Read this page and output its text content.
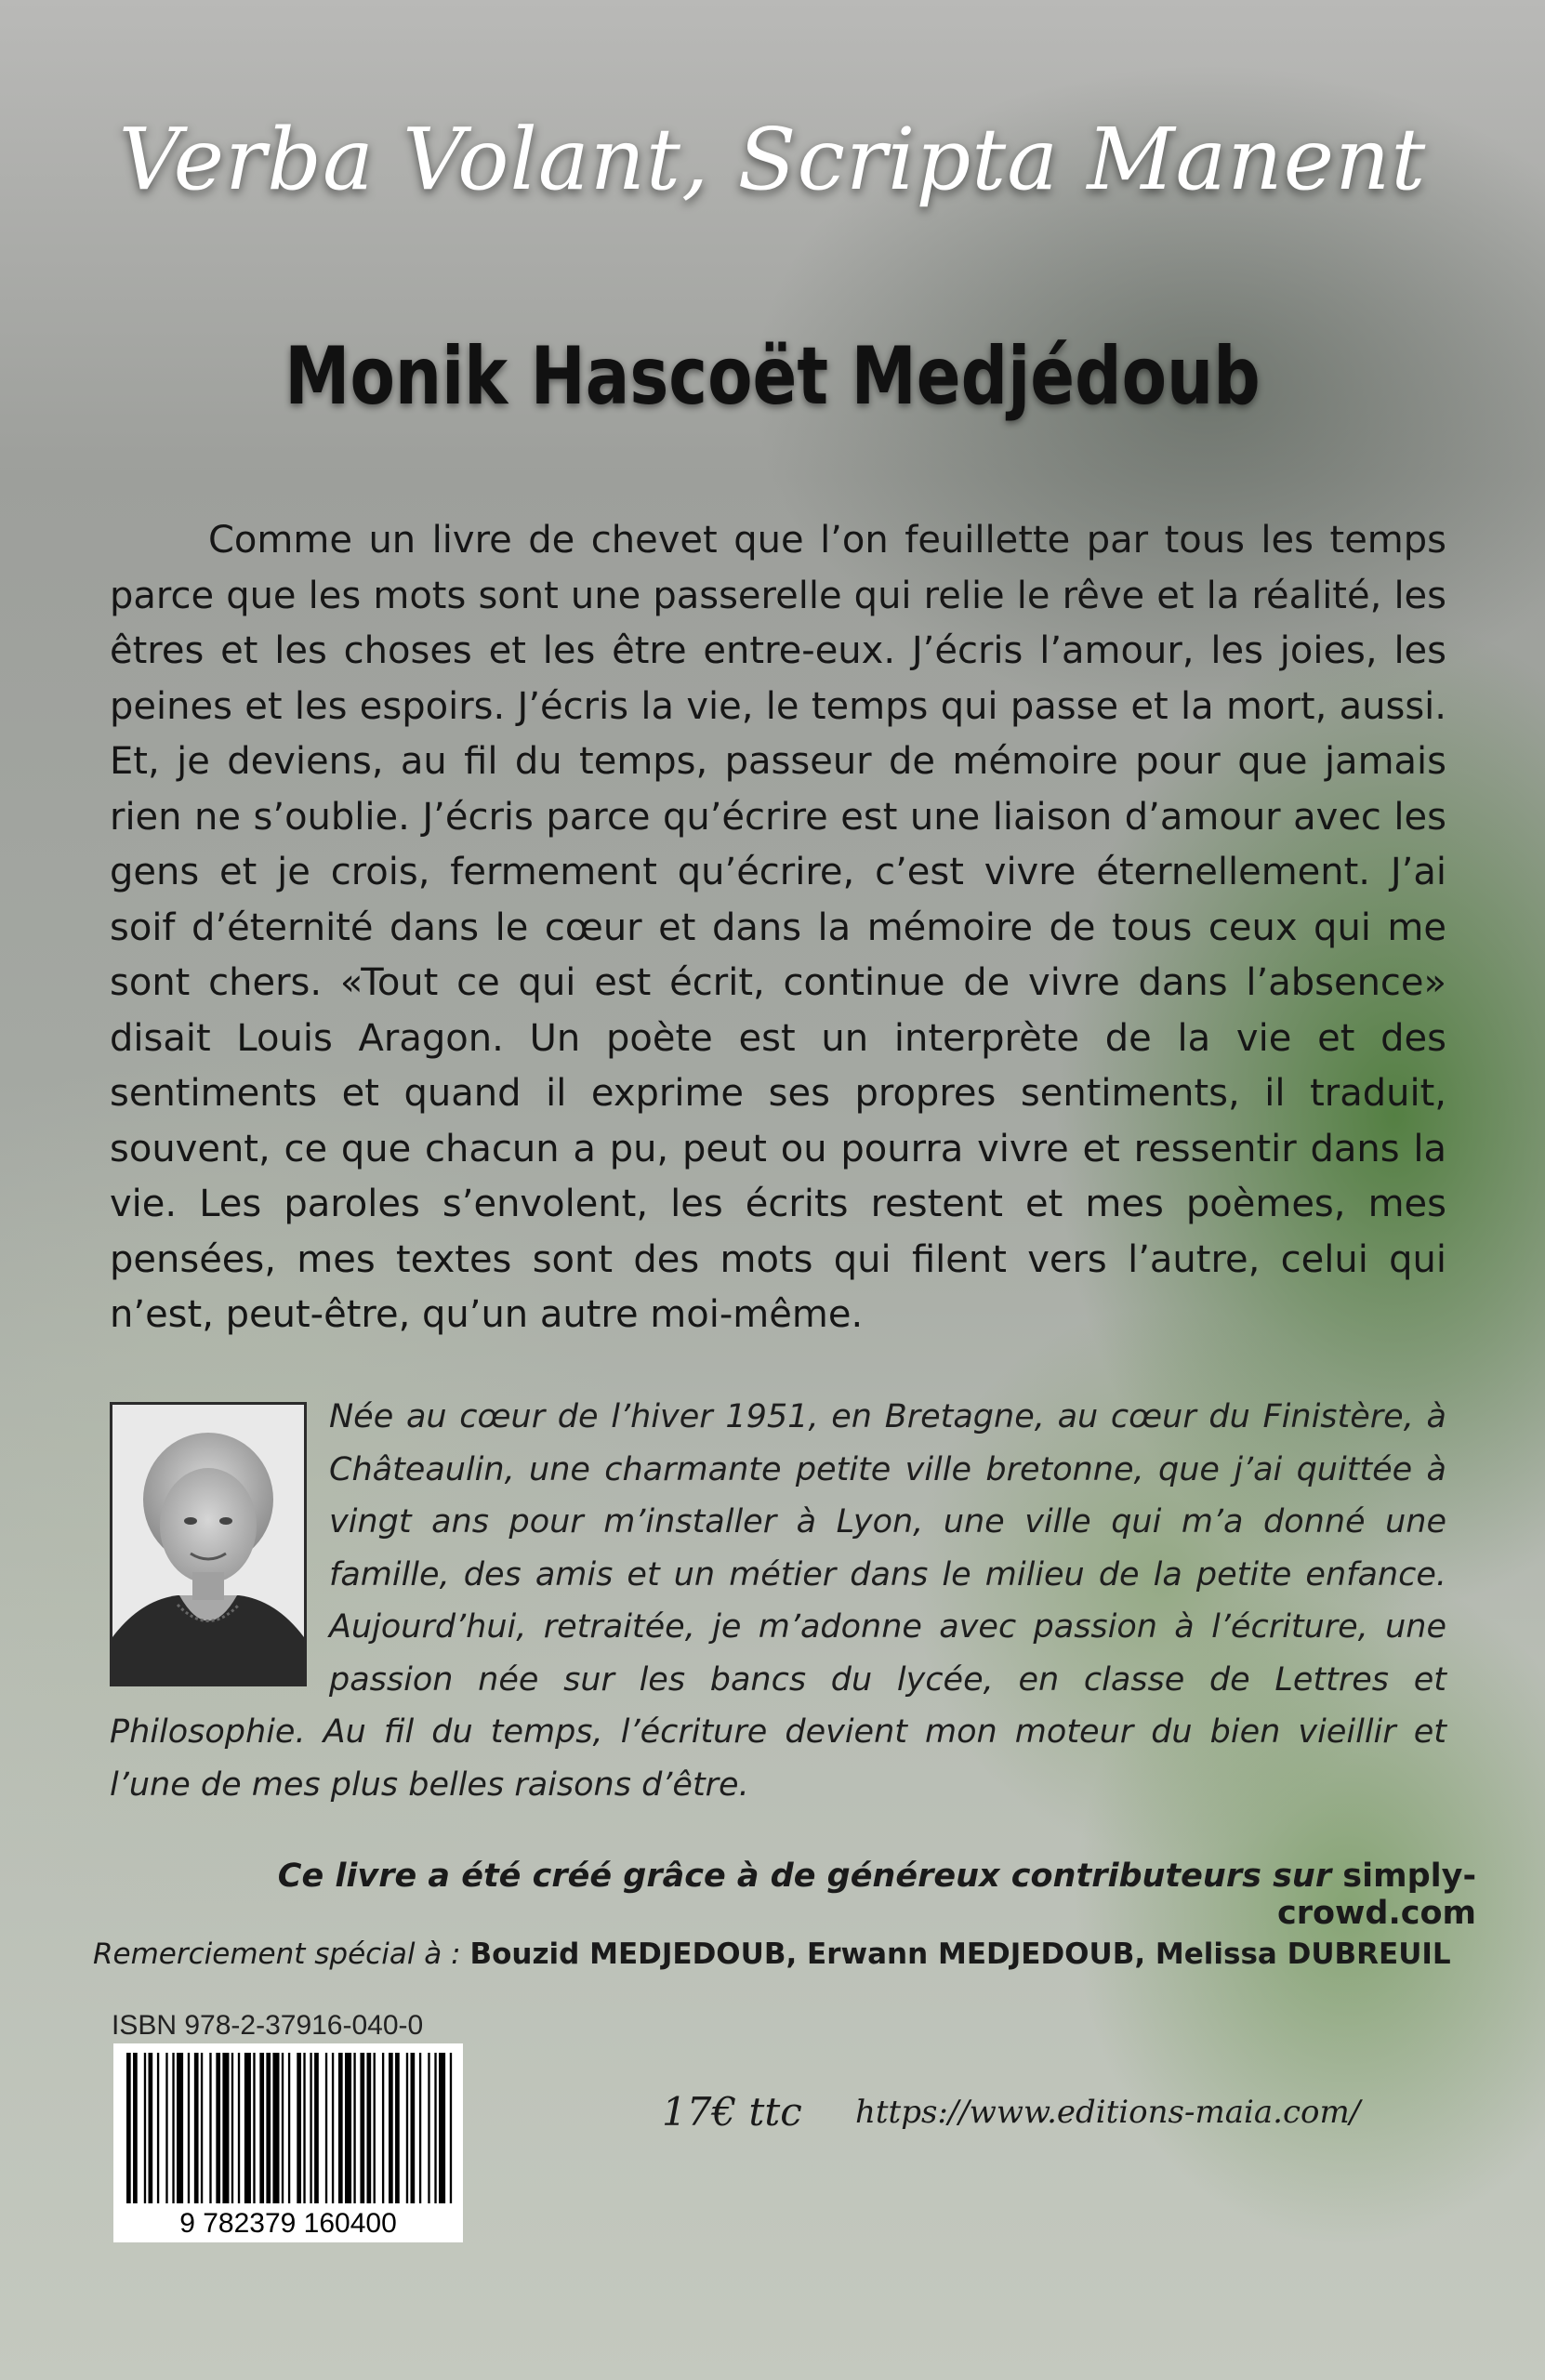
Verba Volant, Scripta Manent
Monik Hascoët Medjédoub

Comme un livre de chevet que l’on feuillette par tous les temps parce que les mots sont une passerelle qui relie le rêve et la réalité, les êtres et les choses et les être entre-eux. J’écris l’amour, les joies, les peines et les espoirs. J’écris la vie, le temps qui passe et la mort, aussi. Et, je deviens, au fil du temps, passeur de mémoire pour que jamais rien ne s’oublie. J’écris parce qu’écrire est une liaison d’amour avec les gens et je crois, fermement qu’écrire, c’est vivre éternellement. J’ai soif d’éternité dans le cœur et dans la mémoire de tous ceux qui me sont chers. «Tout ce qui est écrit, continue de vivre dans l’absence» disait Louis Aragon. Un poète est un interprète de la vie et des sentiments et quand il exprime ses propres sentiments, il traduit, souvent, ce que chacun a pu, peut ou pourra vivre et ressentir dans la vie. Les paroles s’envolent, les écrits restent et mes poèmes, mes pensées, mes textes sont des mots qui filent vers l’autre, celui qui n’est, peut-être, qu’un autre moi-même.

Née au cœur de l’hiver 1951, en Bretagne, au cœur du Finistère, à Châteaulin, une charmante petite ville bretonne, que j’ai quittée à vingt ans pour m’installer à Lyon, une ville qui m’a donné une famille, des amis et un métier dans le milieu de la petite enfance. Aujourd’hui, retraitée, je m’adonne avec passion à l’écriture, une passion née sur les bancs du lycée, en classe de Lettres et Philosophie. Au fil du temps, l’écriture devient mon moteur du bien vieillir et l’une de mes plus belles raisons d’être.
Ce livre a été créé grâce à de généreux contributeurs sur simply-crowd.com
Remerciement spécial à : Bouzid MEDJEDOUB, Erwann MEDJEDOUB, Melissa DUBREUIL
ISBN 978-2-37916-040-0
9 782379 160400
17€ ttc https://www.editions-maia.com/
